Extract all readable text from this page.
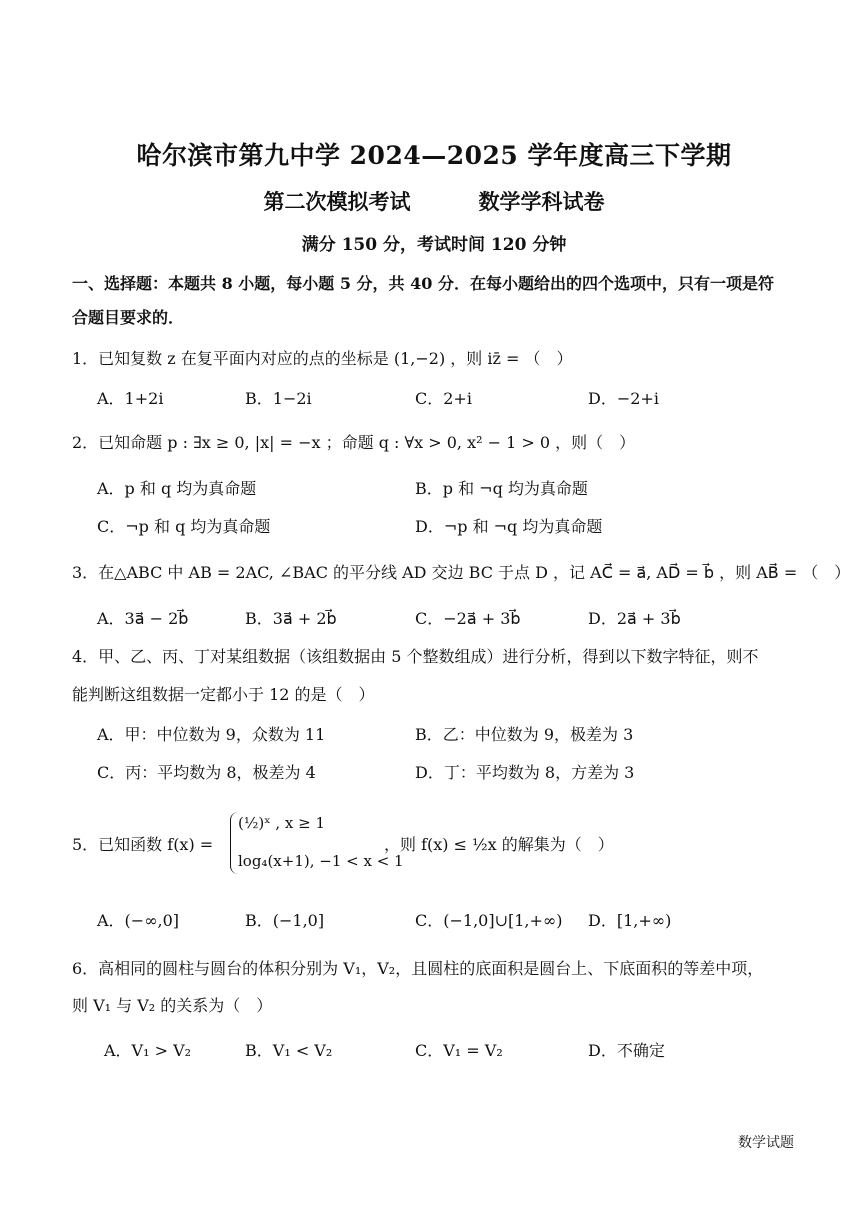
哈尔滨市第九中学 2024—2025 学年度高三下学期
第二次模拟考试	数学学科试卷
满分 150 分，考试时间 120 分钟
一、选择题：本题共 8 小题，每小题 5 分，共 40 分．在每小题给出的四个选项中，只有一项是符
合题目要求的．
1．已知复数 z 在复平面内对应的点的坐标是 (1,−2) ，则 iz̄ = （　）
A．1+2i	B．1−2i	C．2+i	D．−2+i
2．已知命题 p : ∃x ≥ 0, |x| = −x ；命题 q : ∀x > 0, x² − 1 > 0 ，则（　）
A．p 和 q 均为真命题	B．p 和 ¬q 均为真命题
C．¬p 和 q 均为真命题	D．¬p 和 ¬q 均为真命题
3．在△ABC 中 AB = 2AC, ∠BAC 的平分线 AD 交边 BC 于点 D ，记 AC⃗ = a⃗, AD⃗ = b⃗ ，则 AB⃗ = （　）
A．3a⃗ − 2b⃗	B．3a⃗ + 2b⃗	C．−2a⃗ + 3b⃗	D．2a⃗ + 3b⃗
4．甲、乙、丙、丁对某组数据（该组数据由 5 个整数组成）进行分析，得到以下数字特征，则不
能判断这组数据一定都小于 12 的是（　）
A．甲：中位数为 9，众数为 11	B．乙：中位数为 9，极差为 3
C．丙：平均数为 8，极差为 4	D．丁：平均数为 8，方差为 3
5．已知函数 f(x) =
(½)ˣ , x ≥ 1
log₄(x+1), −1 < x < 1
，则 f(x) ≤ ½x 的解集为（　）
A．(−∞,0]	B．(−1,0]	C．(−1,0]∪[1,+∞) D．[1,+∞)
6．高相同的圆柱与圆台的体积分别为 V₁，V₂，且圆柱的底面积是圆台上、下底面积的等差中项，
则 V₁ 与 V₂ 的关系为（　）
A．V₁ > V₂	B．V₁ < V₂	C．V₁ = V₂	D．不确定
数学试题
